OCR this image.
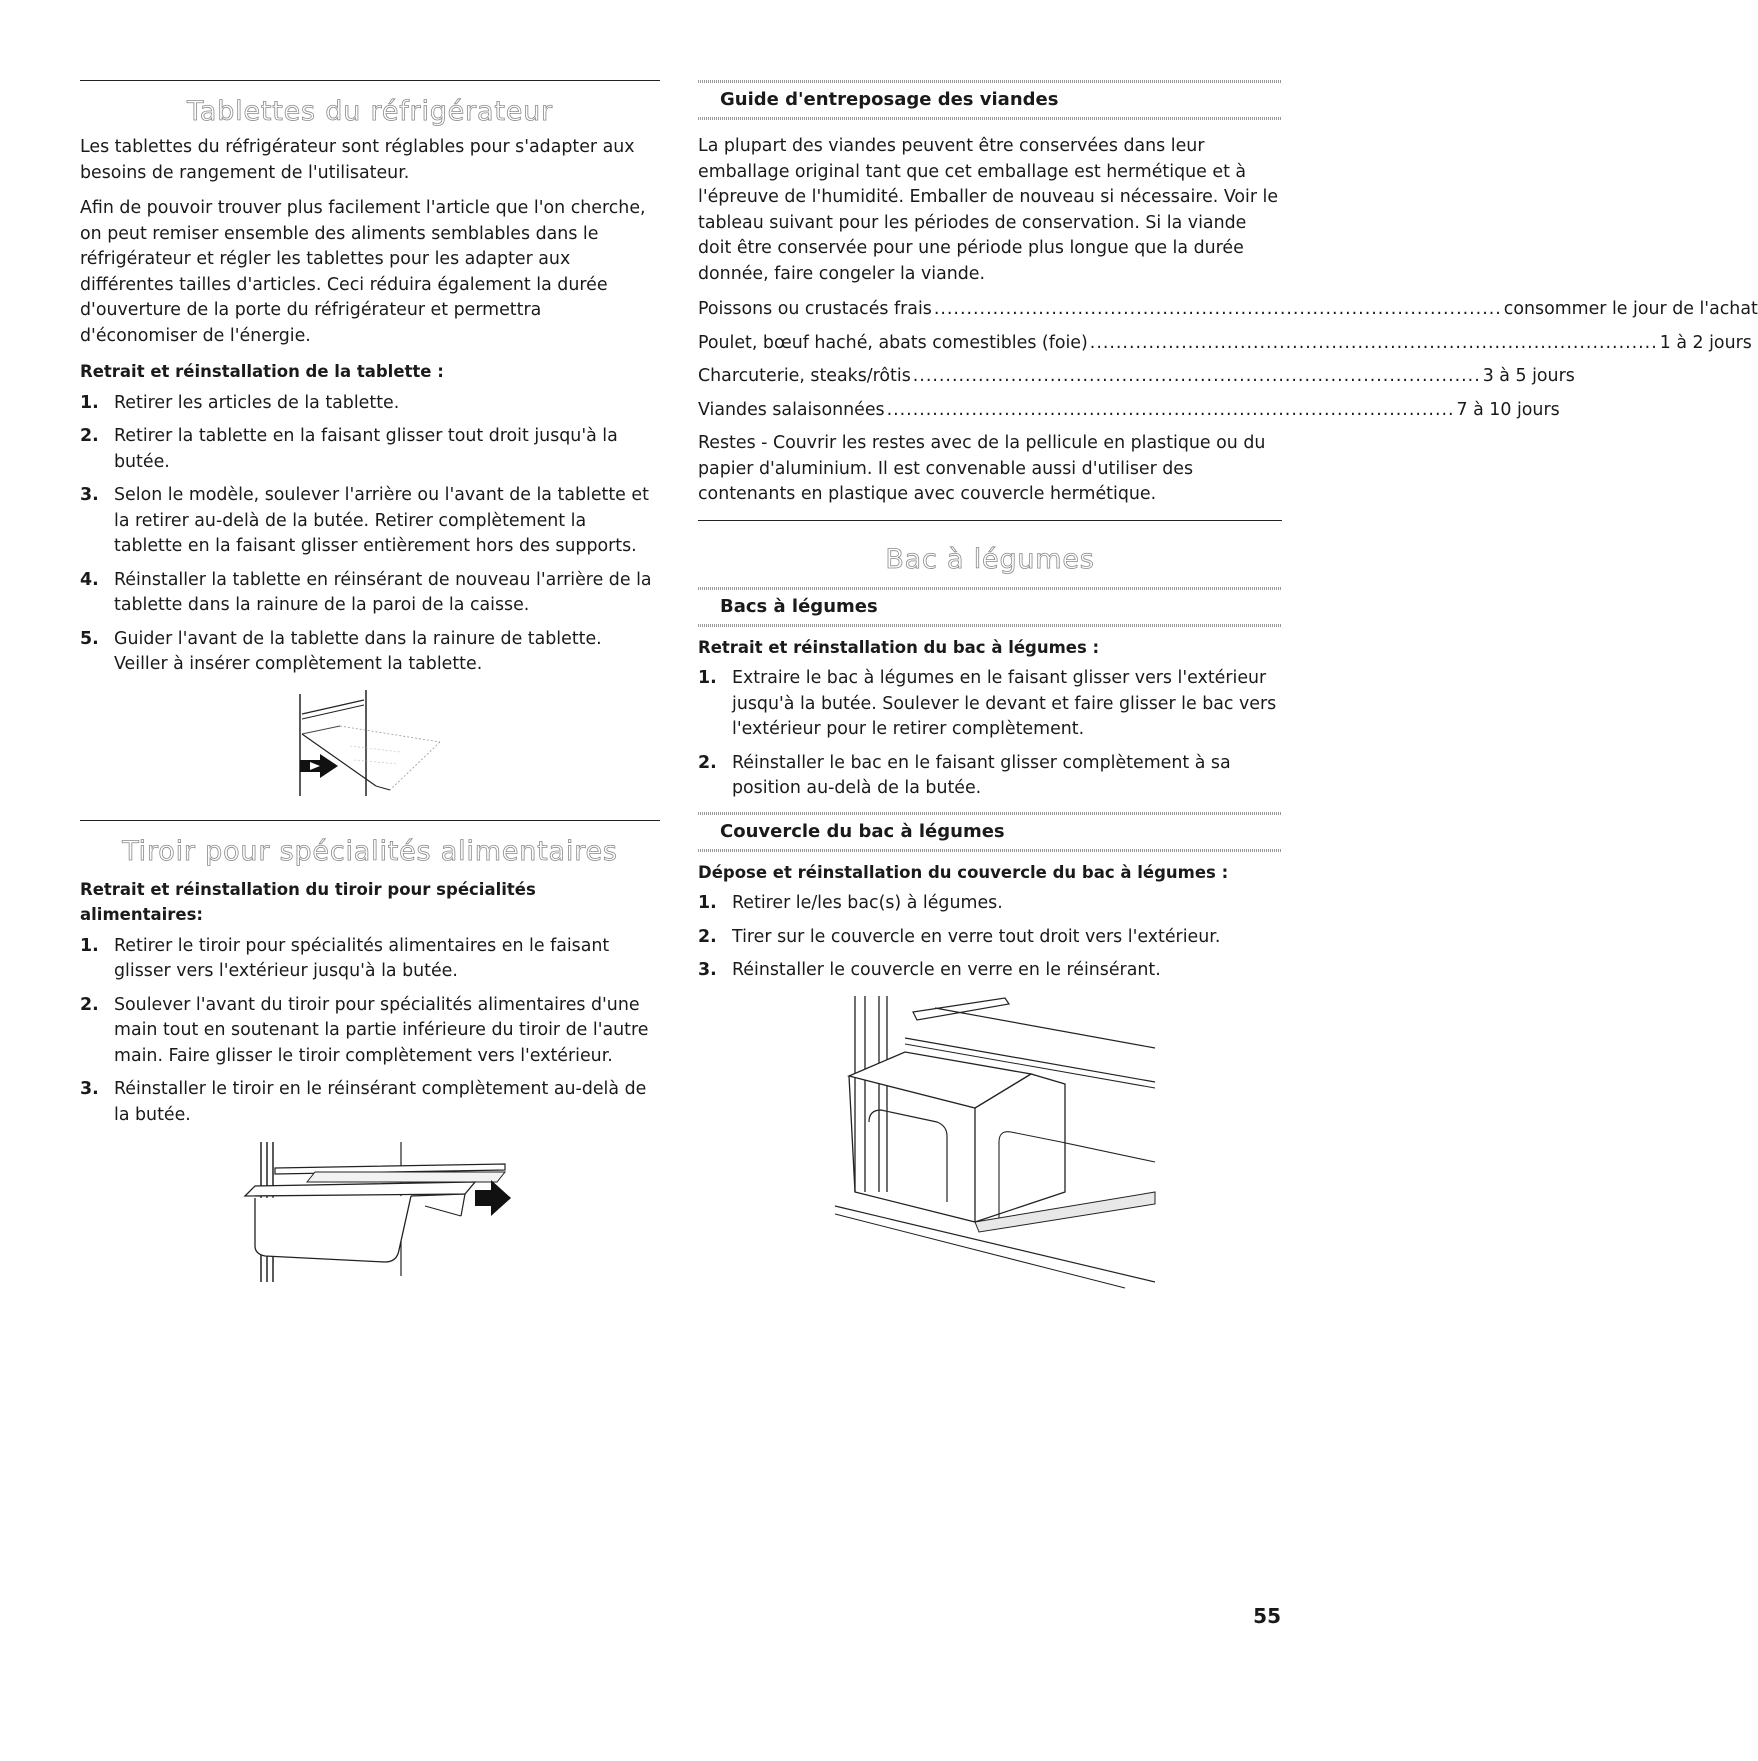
Tablettes du réfrigérateur

Les tablettes du réfrigérateur sont réglables pour s'adapter aux besoins de rangement de l'utilisateur.

Afin de pouvoir trouver plus facilement l'article que l'on cherche, on peut remiser ensemble des aliments semblables dans le réfrigérateur et régler les tablettes pour les adapter aux différentes tailles d'articles. Ceci réduira également la durée d'ouverture de la porte du réfrigérateur et permettra d'économiser de l'énergie.

Retrait et réinstallation de la tablette :
1. Retirer les articles de la tablette.
2. Retirer la tablette en la faisant glisser tout droit jusqu'à la butée.
3. Selon le modèle, soulever l'arrière ou l'avant de la tablette et la retirer au-delà de la butée. Retirer complètement la tablette en la faisant glisser entièrement hors des supports.
4. Réinstaller la tablette en réinsérant de nouveau l'arrière de la tablette dans la rainure de la paroi de la caisse.
5. Guider l'avant de la tablette dans la rainure de tablette. Veiller à insérer complètement la tablette.
Tiroir pour spécialités alimentaires
Retrait et réinstallation du tiroir pour spécialités alimentaires:
1. Retirer le tiroir pour spécialités alimentaires en le faisant glisser vers l'extérieur jusqu'à la butée.
2. Soulever l'avant du tiroir pour spécialités alimentaires d'une main tout en soutenant la partie inférieure du tiroir de l'autre main. Faire glisser le tiroir complètement vers l'extérieur.
3. Réinstaller le tiroir en le réinsérant complètement au-delà de la butée.
Guide d'entreposage des viandes

La plupart des viandes peuvent être conservées dans leur emballage original tant que cet emballage est hermétique et à l'épreuve de l'humidité. Emballer de nouveau si nécessaire. Voir le tableau suivant pour les périodes de conservation. Si la viande doit être conservée pour une période plus longue que la durée donnée, faire congeler la viande.

Poissons ou crustacés frais ....................................................................................... consommer le jour de l'achat
Poulet, bœuf haché, abats comestibles (foie) ....................................................................................... 1 à 2 jours
Charcuterie, steaks/rôtis ....................................................................................... 3 à 5 jours
Viandes salaisonnées ....................................................................................... 7 à 10 jours

Restes - Couvrir les restes avec de la pellicule en plastique ou du papier d'aluminium. Il est convenable aussi d'utiliser des contenants en plastique avec couvercle hermétique.

Bac à légumes
Bacs à légumes
Retrait et réinstallation du bac à légumes :
1. Extraire le bac à légumes en le faisant glisser vers l'extérieur jusqu'à la butée. Soulever le devant et faire glisser le bac vers l'extérieur pour le retirer complètement.
2. Réinstaller le bac en le faisant glisser complètement à sa position au-delà de la butée.
Couvercle du bac à légumes
Dépose et réinstallation du couvercle du bac à légumes :
1. Retirer le/les bac(s) à légumes.
2. Tirer sur le couvercle en verre tout droit vers l'extérieur.
3. Réinstaller le couvercle en verre en le réinsérant.
55
